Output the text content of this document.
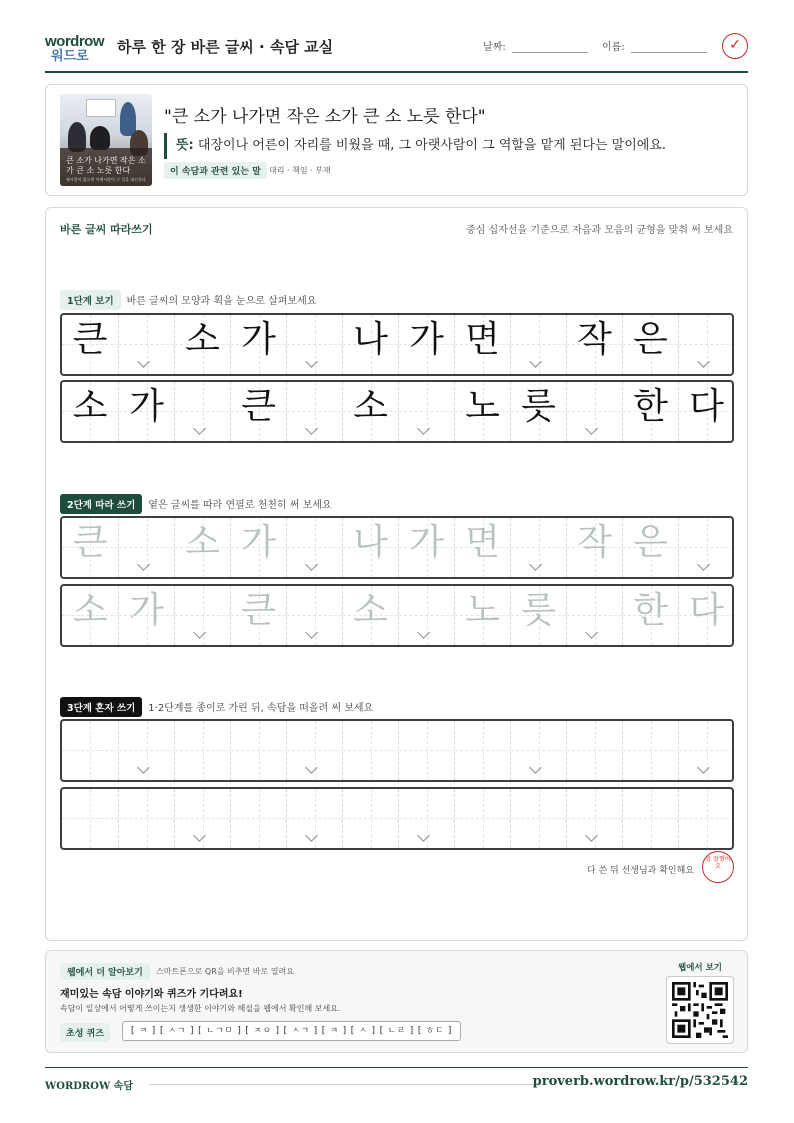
wordrow
워드로
하루 한 장 바른 글씨 · 속담 교실	날짜:	이름:	✓
큰 소가 나가면 작은 소가 큰 소 노릇 한다
윗사람이 없으면 아랫사람이 그 일을 대신한다
"큰 소가 나가면 작은 소가 큰 소 노릇 한다"
뜻: 대장이나 어른이 자리를 비웠을 때, 그 아랫사람이 그 역할을 맡게 된다는 말이에요.
이 속담과 관련 있는 말	대리 · 책임 · 부재
바른 글씨 따라쓰기	중심 십자선을 기준으로 자음과 모음의 균형을 맞춰 써 보세요
1단계 보기 바른 글씨의 모양과 획을 눈으로 살펴보세요
큰 소 가 나 가 면 작 은
소 가 큰 소 노 릇 한 다
2단계 따라 쓰기 옅은 글씨를 따라 연필로 천천히 써 보세요
큰 소 가 나 가 면 작 은
소 가 큰 소 노 릇 한 다
3단계 혼자 쓰기 1·2단계를 종이로 가린 뒤, 속담을 떠올려 써 보세요
다 쓴 뒤 선생님과 확인해요
참 잘했어요
웹에서 더 알아보기	스마트폰으로 QR을 비추면 바로 열려요
재미있는 속담 이야기와 퀴즈가 기다려요!
속담이 일상에서 어떻게 쓰이는지 생생한 이야기와 해설을 웹에서 확인해 보세요.
초성 퀴즈	[ ㅋ ] [ ㅅㄱ ] [ ㄴㄱㅁ ] [ ㅈㅇ ] [ ㅅㄱ ] [ ㅋ ] [ ㅅ ] [ ㄴㄹ ] [ ㅎㄷ ]
웹에서 보기
WORDROW 속담	proverb.wordrow.kr/p/532542
